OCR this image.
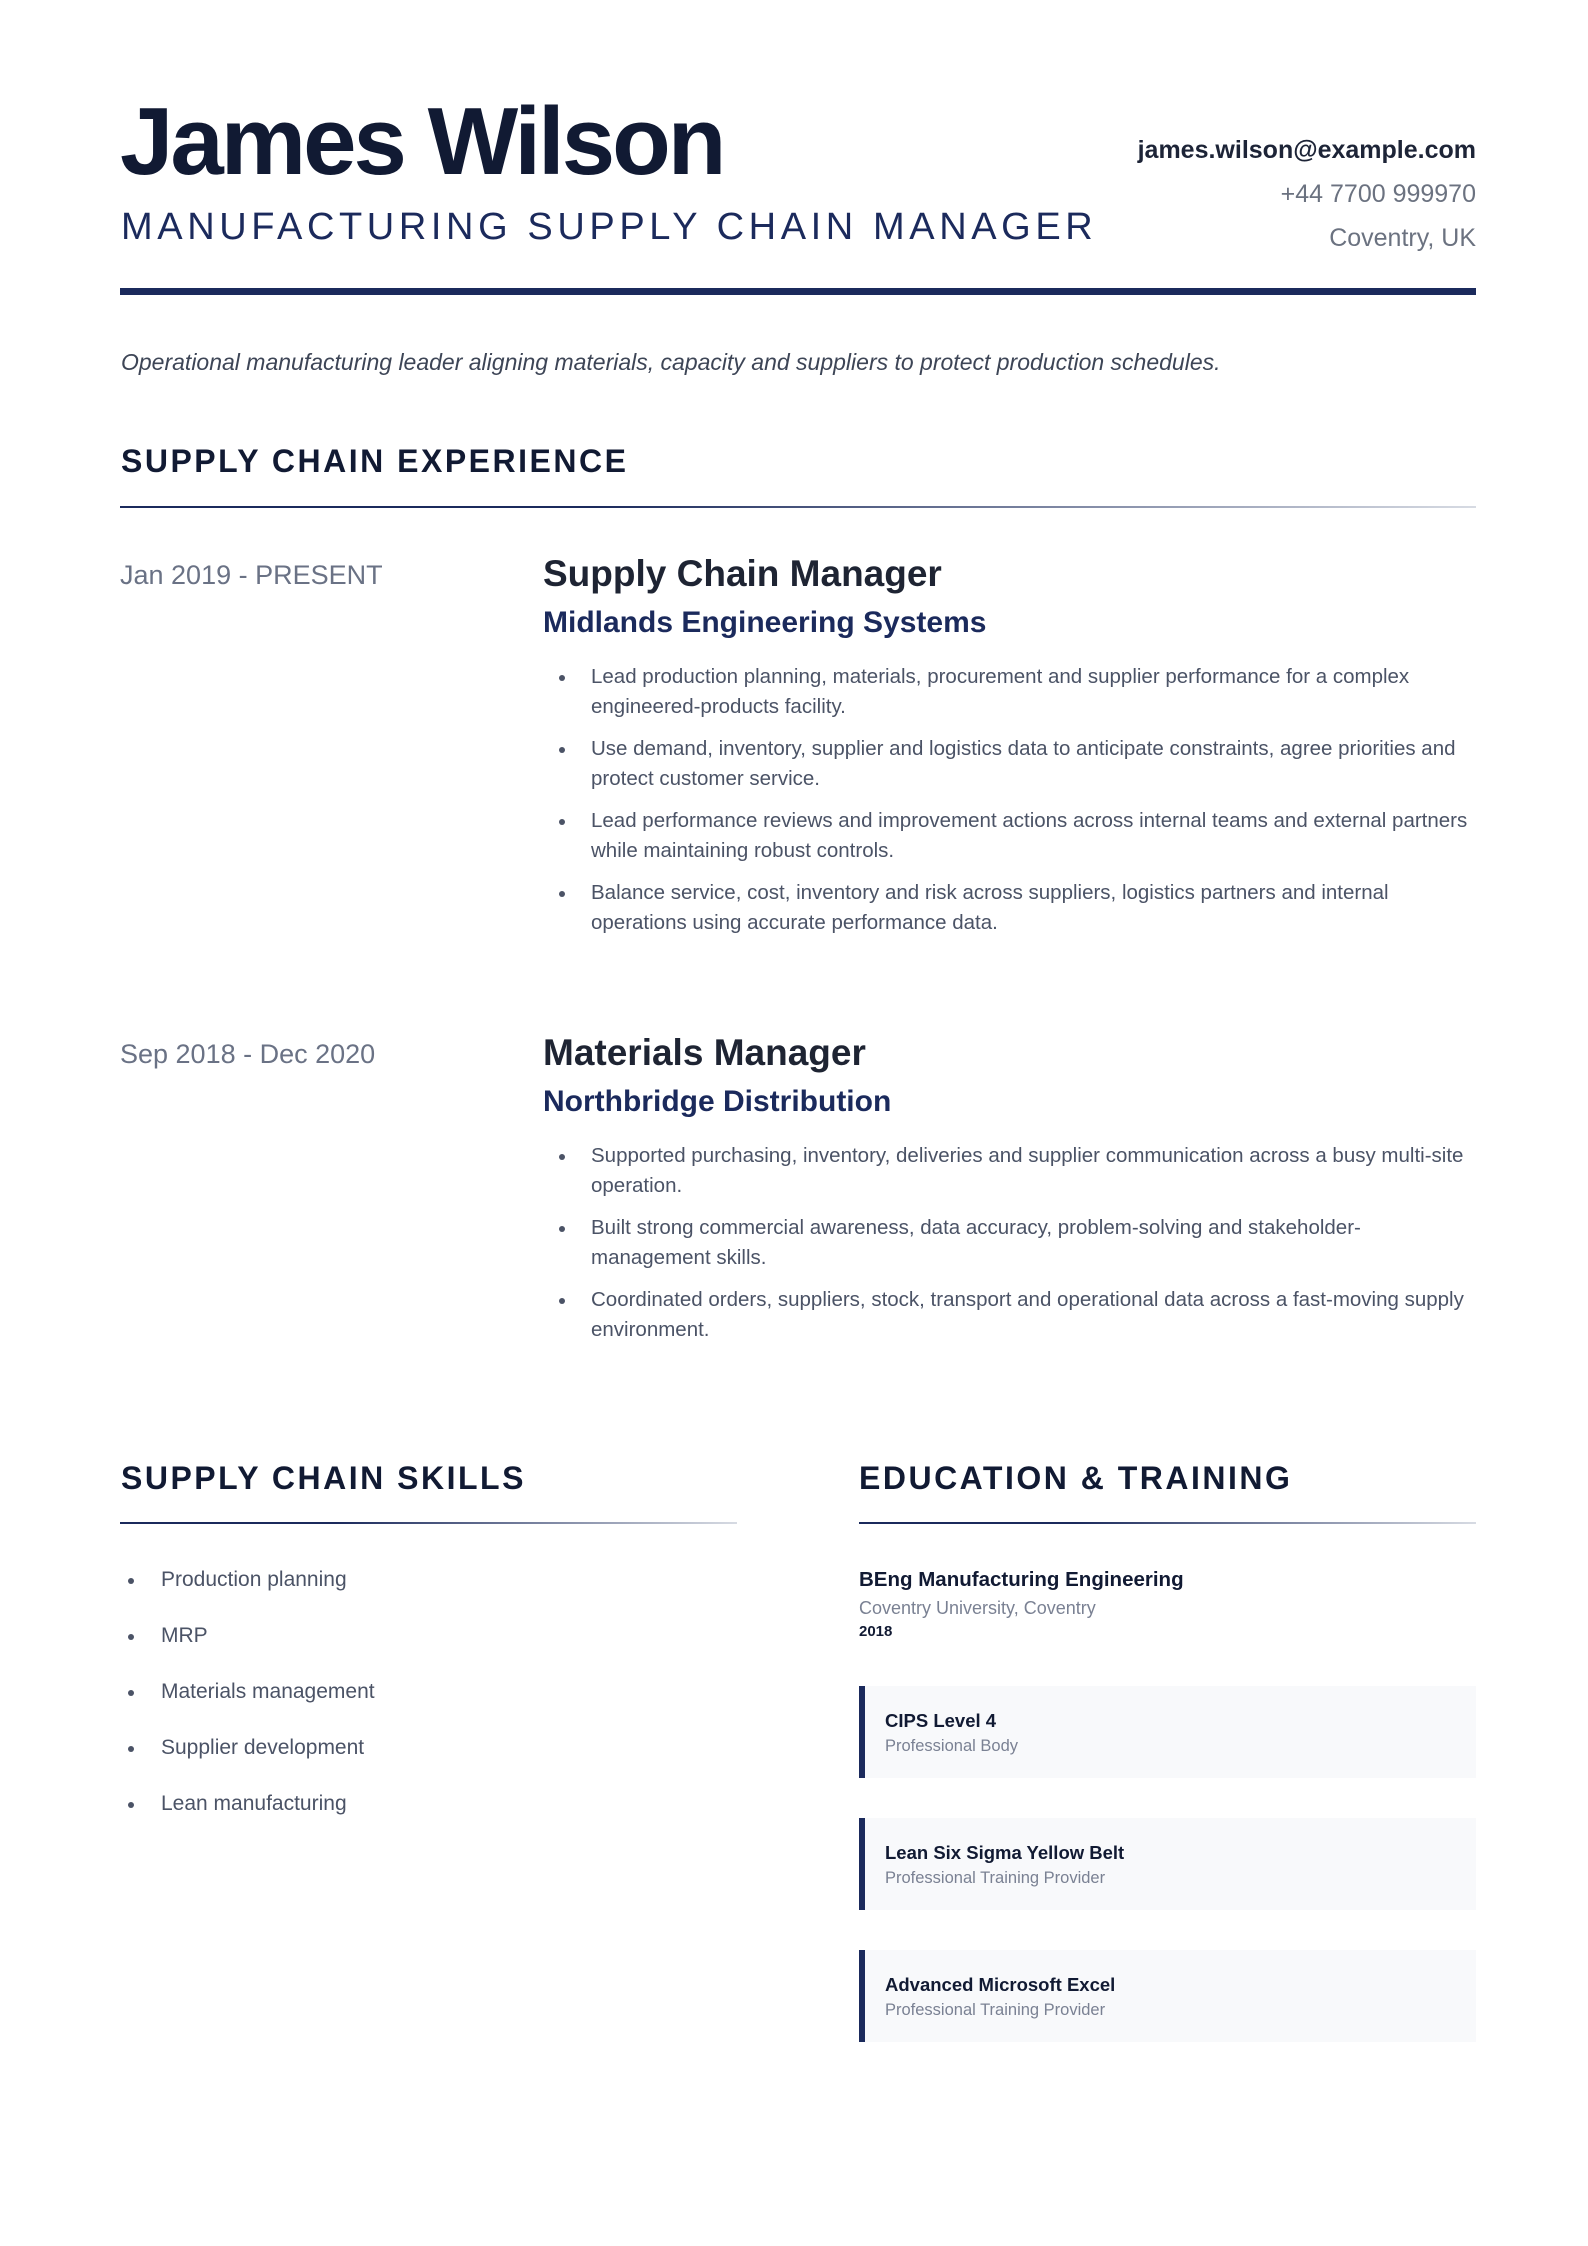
James Wilson
MANUFACTURING SUPPLY CHAIN MANAGER
james.wilson@example.com
+44 7700 999970
Coventry, UK
Operational manufacturing leader aligning materials, capacity and suppliers to protect production schedules.
SUPPLY CHAIN EXPERIENCE
Jan 2019 - PRESENT	Supply Chain Manager
Midlands Engineering Systems
Lead production planning, materials, procurement and supplier performance for a complex engineered-products facility.
Use demand, inventory, supplier and logistics data to anticipate constraints, agree priorities and protect customer service.
Lead performance reviews and improvement actions across internal teams and external partners while maintaining robust controls.
Balance service, cost, inventory and risk across suppliers, logistics partners and internal operations using accurate performance data.
Sep 2018 - Dec 2020	Materials Manager
Northbridge Distribution
Supported purchasing, inventory, deliveries and supplier communication across a busy multi-site operation.
Built strong commercial awareness, data accuracy, problem-solving and stakeholder-management skills.
Coordinated orders, suppliers, stock, transport and operational data across a fast-moving supply environment.
SUPPLY CHAIN SKILLS
Production planning
MRP
Materials management
Supplier development
Lean manufacturing
EDUCATION & TRAINING
BEng Manufacturing Engineering
Coventry University, Coventry
2018
CIPS Level 4
Professional Body
Lean Six Sigma Yellow Belt
Professional Training Provider
Advanced Microsoft Excel
Professional Training Provider
